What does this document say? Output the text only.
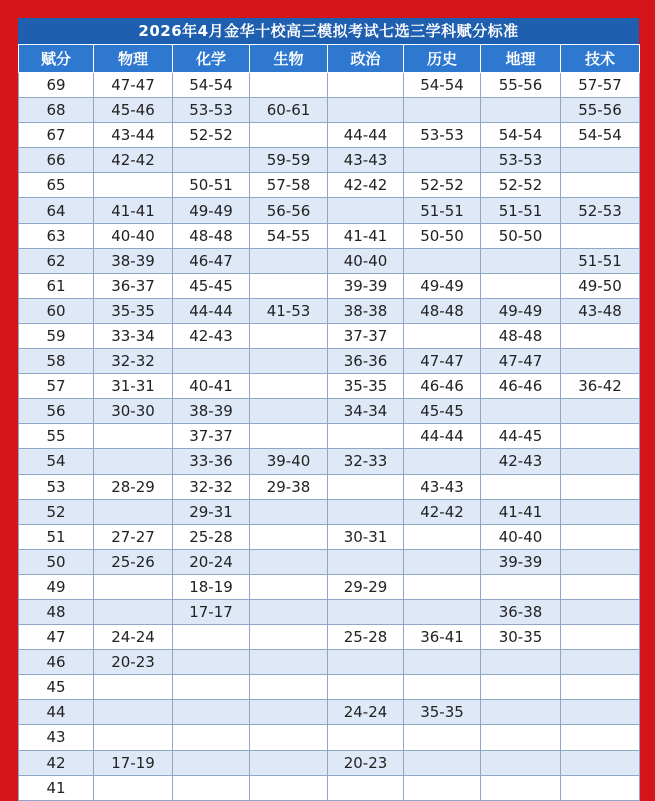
2026年4月金华十校高三模拟考试七选三学科赋分标准
赋分	物理	化学	生物	政治	历史	地理	技术
69	47-47	54-54			54-54	55-56	57-57
68	45-46	53-53	60-61				55-56
67	43-44	52-52		44-44	53-53	54-54	54-54
66	42-42		59-59	43-43		53-53	
65		50-51	57-58	42-42	52-52	52-52	
64	41-41	49-49	56-56		51-51	51-51	52-53
63	40-40	48-48	54-55	41-41	50-50	50-50	
62	38-39	46-47		40-40			51-51
61	36-37	45-45		39-39	49-49		49-50
60	35-35	44-44	41-53	38-38	48-48	49-49	43-48
59	33-34	42-43		37-37		48-48	
58	32-32			36-36	47-47	47-47	
57	31-31	40-41		35-35	46-46	46-46	36-42
56	30-30	38-39		34-34	45-45		
55		37-37			44-44	44-45	
54		33-36	39-40	32-33		42-43	
53	28-29	32-32	29-38		43-43		
52		29-31			42-42	41-41	
51	27-27	25-28		30-31		40-40	
50	25-26	20-24				39-39	
49		18-19		29-29			
48		17-17				36-38	
47	24-24			25-28	36-41	30-35	
46	20-23						
45							
44				24-24	35-35		
43							
42	17-19			20-23			
41							
